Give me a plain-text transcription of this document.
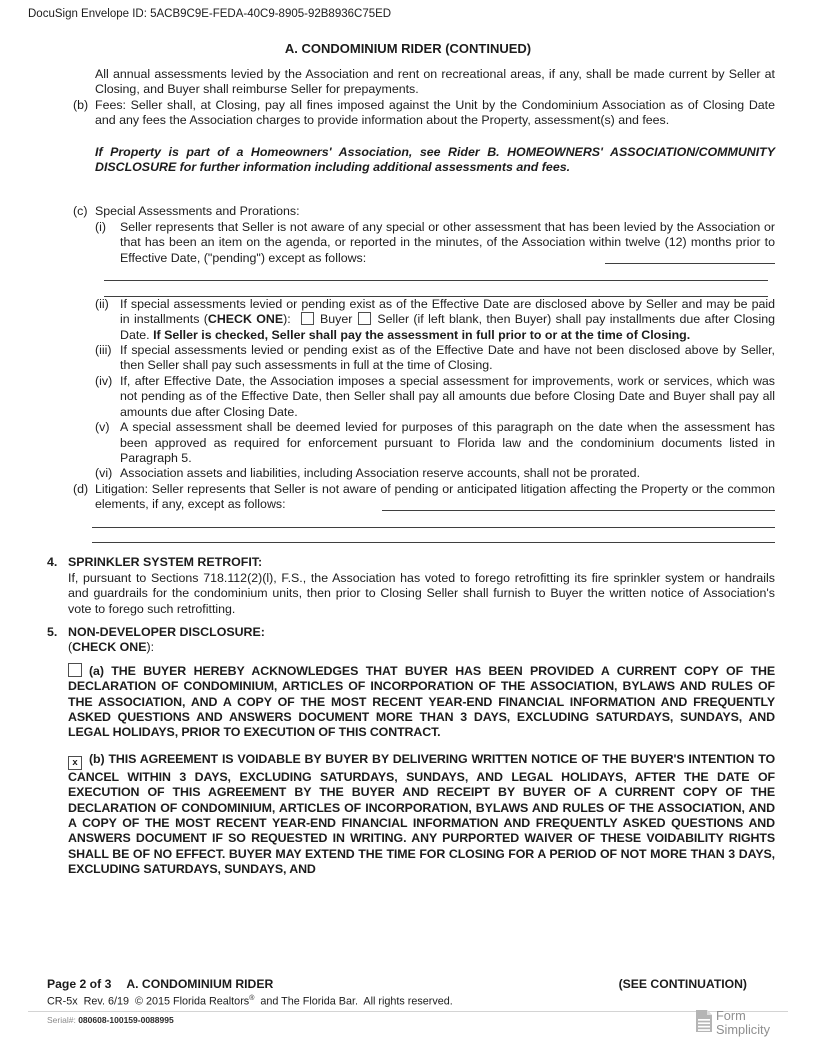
DocuSign Envelope ID: 5ACB9C9E-FEDA-40C9-8905-92B8936C75ED
A. CONDOMINIUM RIDER (CONTINUED)

All annual assessments levied by the Association and rent on recreational areas, if any, shall be made current by Seller at Closing, and Buyer shall reimburse Seller for prepayments.

(b) Fees: Seller shall, at Closing, pay all fines imposed against the Unit by the Condominium Association as of Closing Date and any fees the Association charges to provide information about the Property, assessment(s) and fees.

If Property is part of a Homeowners' Association, see Rider B. HOMEOWNERS' ASSOCIATION/COMMUNITY DISCLOSURE for further information including additional assessments and fees.

(c) Special Assessments and Prorations:

(i) Seller represents that Seller is not aware of any special or other assessment that has been levied by the Association or that has been an item on the agenda, or reported in the minutes, of the Association within twelve (12) months prior to Effective Date, ("pending") except as follows:

(ii) If special assessments levied or pending exist as of the Effective Date are disclosed above by Seller and may be paid in installments (CHECK ONE): Buyer Seller (if left blank, then Buyer) shall pay installments due after Closing Date. If Seller is checked, Seller shall pay the assessment in full prior to or at the time of Closing.

(iii) If special assessments levied or pending exist as of the Effective Date and have not been disclosed above by Seller, then Seller shall pay such assessments in full at the time of Closing.

(iv) If, after Effective Date, the Association imposes a special assessment for improvements, work or services, which was not pending as of the Effective Date, then Seller shall pay all amounts due before Closing Date and Buyer shall pay all amounts due after Closing Date.

(v) A special assessment shall be deemed levied for purposes of this paragraph on the date when the assessment has been approved as required for enforcement pursuant to Florida law and the condominium documents listed in Paragraph 5.

(vi) Association assets and liabilities, including Association reserve accounts, shall not be prorated.

(d) Litigation: Seller represents that Seller is not aware of pending or anticipated litigation affecting the Property or the common elements, if any, except as follows:

4. SPRINKLER SYSTEM RETROFIT:

If, pursuant to Sections 718.112(2)(l), F.S., the Association has voted to forego retrofitting its fire sprinkler system or handrails and guardrails for the condominium units, then prior to Closing Seller shall furnish to Buyer the written notice of Association's vote to forego such retrofitting.

5. NON-DEVELOPER DISCLOSURE:

(CHECK ONE):

(a) THE BUYER HEREBY ACKNOWLEDGES THAT BUYER HAS BEEN PROVIDED A CURRENT COPY OF THE DECLARATION OF CONDOMINIUM, ARTICLES OF INCORPORATION OF THE ASSOCIATION, BYLAWS AND RULES OF THE ASSOCIATION, AND A COPY OF THE MOST RECENT YEAR-END FINANCIAL INFORMATION AND FREQUENTLY ASKED QUESTIONS AND ANSWERS DOCUMENT MORE THAN 3 DAYS, EXCLUDING SATURDAYS, SUNDAYS, AND LEGAL HOLIDAYS, PRIOR TO EXECUTION OF THIS CONTRACT.

x (b) THIS AGREEMENT IS VOIDABLE BY BUYER BY DELIVERING WRITTEN NOTICE OF THE BUYER'S INTENTION TO CANCEL WITHIN 3 DAYS, EXCLUDING SATURDAYS, SUNDAYS, AND LEGAL HOLIDAYS, AFTER THE DATE OF EXECUTION OF THIS AGREEMENT BY THE BUYER AND RECEIPT BY BUYER OF A CURRENT COPY OF THE DECLARATION OF CONDOMINIUM, ARTICLES OF INCORPORATION, BYLAWS AND RULES OF THE ASSOCIATION, AND A COPY OF THE MOST RECENT YEAR-END FINANCIAL INFORMATION AND FREQUENTLY ASKED QUESTIONS AND ANSWERS DOCUMENT IF SO REQUESTED IN WRITING. ANY PURPORTED WAIVER OF THESE VOIDABILITY RIGHTS SHALL BE OF NO EFFECT. BUYER MAY EXTEND THE TIME FOR CLOSING FOR A PERIOD OF NOT MORE THAN 3 DAYS, EXCLUDING SATURDAYS, SUNDAYS, AND

Page 2 of 3 A. CONDOMINIUM RIDER	(SEE CONTINUATION)
CR-5x  Rev. 6/19  © 2015 Florida Realtors®  and The Florida Bar.  All rights reserved.
Serial#: 080608-100159-0088995	Form
Simplicity
